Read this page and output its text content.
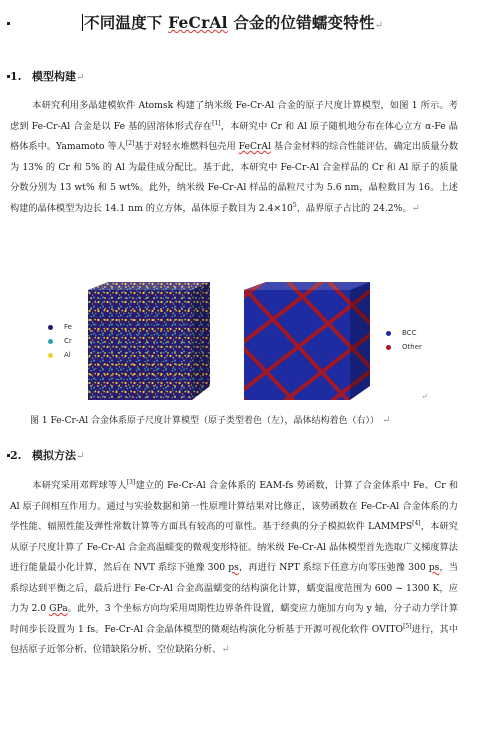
不同温度下 FeCrAl 合金的位错蠕变特性↵
1. 模型构建↵
本研究利用多晶建模软件 Atomsk 构建了纳米级 Fe-Cr-Al 合金的原子尺度计算模型，如图 1 所示。考虑到 Fe-Cr-Al 合金是以 Fe 基的固溶体形式存在[1]，本研究中 Cr 和 Al 原子随机地分布在体心立方 α-Fe 晶格体系中。Yamamoto 等人[2]基于对轻水堆燃料包壳用 FeCrAl 基合金材料的综合性能评估，确定出质量分数为 13% 的 Cr 和 5% 的 Al 为最佳成分配比。基于此，本研究中 Fe-Cr-Al 合金样品的 Cr 和 Al 原子的质量分数分别为 13 wt% 和 5 wt%。此外，纳米级 Fe-Cr-Al 样品的晶粒尺寸为 5.6 nm，晶粒数目为 16。上述构建的晶体模型为边长 14.1 nm 的立方体，晶体原子数目为 $2.4\times 10^5$，晶界原子占比的 24.2%。↵
Fe
Cr
Al
BCC
Other
↵
图 1 Fe-Cr-Al 合金体系原子尺度计算模型（原子类型着色（左），晶体结构着色（右）） ↵
2. 模拟方法↵
本研究采用邓辉球等人[3]建立的 Fe-Cr-Al 合金体系的 EAM-fs 势函数，计算了合金体系中 Fe、Cr 和 Al 原子间相互作用力。通过与实验数据和第一性原理计算结果对比修正，该势函数在 Fe-Cr-Al 合金体系的力学性能、辐照性能及弹性常数计算等方面具有较高的可靠性。基于经典的分子模拟软件 LAMMPS[4]，本研究从原子尺度计算了 Fe-Cr-Al 合金高温蠕变的微观变形特征。纳米级 Fe-Cr-Al 晶体模型首先选取广义梯度算法进行能量最小化计算，然后在 NVT 系综下弛豫 300 ps，再进行 NPT 系综下任意方向零压弛豫 300 ps，当系综达到平衡之后，最后进行 Fe-Cr-Al 合金高温蠕变的结构演化计算，蠕变温度范围为 600 ~ 1300 K，应力为 2.0 GPa。此外，3 个坐标方向均采用周期性边界条件设置，蠕变应力施加方向为 y 轴，分子动力学计算时间步长设置为 1 fs。Fe-Cr-Al 合金晶体模型的微观结构演化分析基于开源可视化软件 OVITO[5]进行，其中包括原子近邻分析、位错缺陷分析、空位缺陷分析、↵
